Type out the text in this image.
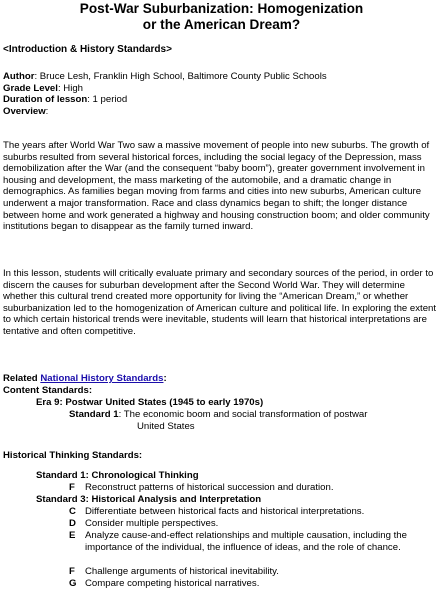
Post-War Suburbanization: Homogenization
or the American Dream?
<Introduction & History Standards>
Author: Bruce Lesh, Franklin High School, Baltimore County Public Schools
Grade Level: High
Duration of lesson: 1 period
Overview:

The years after World War Two saw a massive movement of people into new suburbs. The growth of suburbs resulted from several historical forces, including the social legacy of the Depression, mass demobilization after the War (and the consequent “baby boom”), greater government involvement in housing and development, the mass marketing of the automobile, and a dramatic change in demographics. As families began moving from farms and cities into new suburbs, American culture underwent a major transformation. Race and class dynamics began to shift; the longer distance between home and work generated a highway and housing construction boom; and older community institutions began to disappear as the family turned inward.

In this lesson, students will critically evaluate primary and secondary sources of the period, in order to discern the causes for suburban development after the Second World War. They will determine whether this cultural trend created more opportunity for living the “American Dream,” or whether suburbanization led to the homogenization of American culture and political life. In exploring the extent to which certain historical trends were inevitable, students will learn that historical interpretations are tentative and often competitive.

Related National History Standards:
Content Standards:
Era 9: Postwar United States (1945 to early 1970s)
Standard 1: The economic boom and social transformation of postwar
United States
Historical Thinking Standards:
Standard 1: Chronological Thinking
F Reconstruct patterns of historical succession and duration.
Standard 3: Historical Analysis and Interpretation
C Differentiate between historical facts and historical interpretations.
D Consider multiple perspectives.
E Analyze cause-and-effect relationships and multiple causation, including the importance of the individual, the influence of ideas, and the role of chance.
F Challenge arguments of historical inevitability.
G Compare competing historical narratives.
